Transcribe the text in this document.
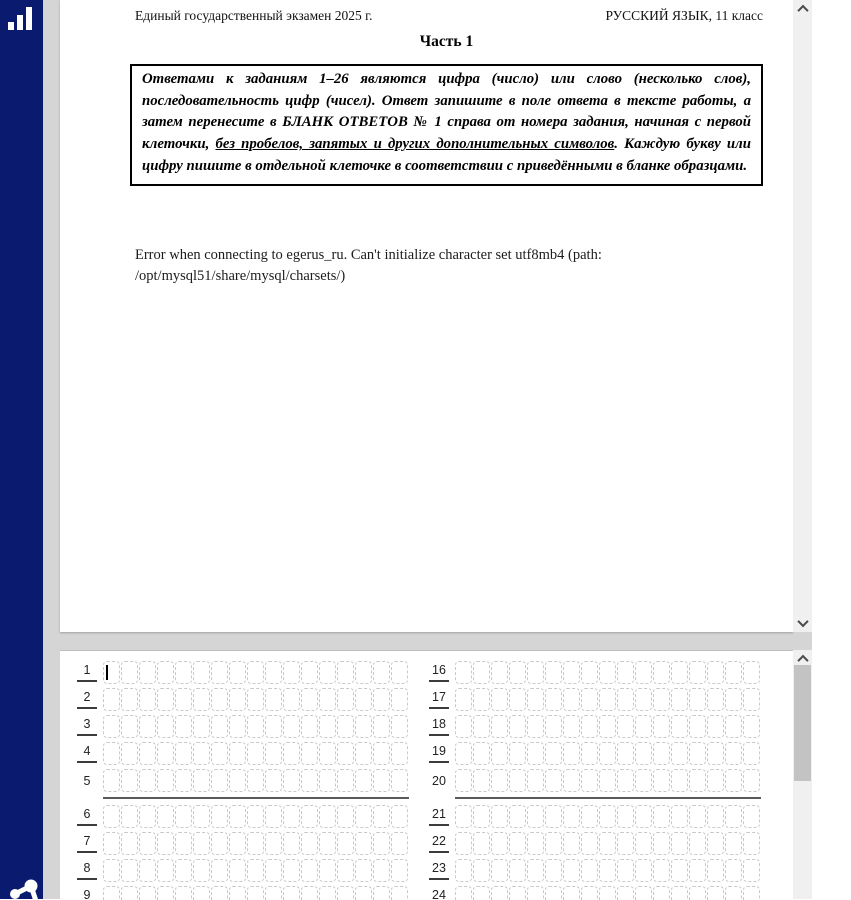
Единый государственный экзамен 2025 г.	РУССКИЙ ЯЗЫК, 11 класс
Часть 1
Ответами к заданиям 1–26 являются цифра (число) или слово (несколько слов), последовательность цифр (чисел). Ответ запишите в поле ответа в тексте работы, а затем перенесите в БЛАНК ОТВЕТОВ № 1 справа от номера задания, начиная с первой клеточки, без пробелов, запятых и других дополнительных символов. Каждую букву или цифру пишите в отдельной клеточке в соответствии с приведёнными в бланке образцами.
Error when connecting to egerus_ru. Can't initialize character set utf8mb4 (path: /opt/mysql51/share/mysql/charsets/)
1
2
3
4
5
6
7
8
9
16
17
18
19
20
21
22
23
24
